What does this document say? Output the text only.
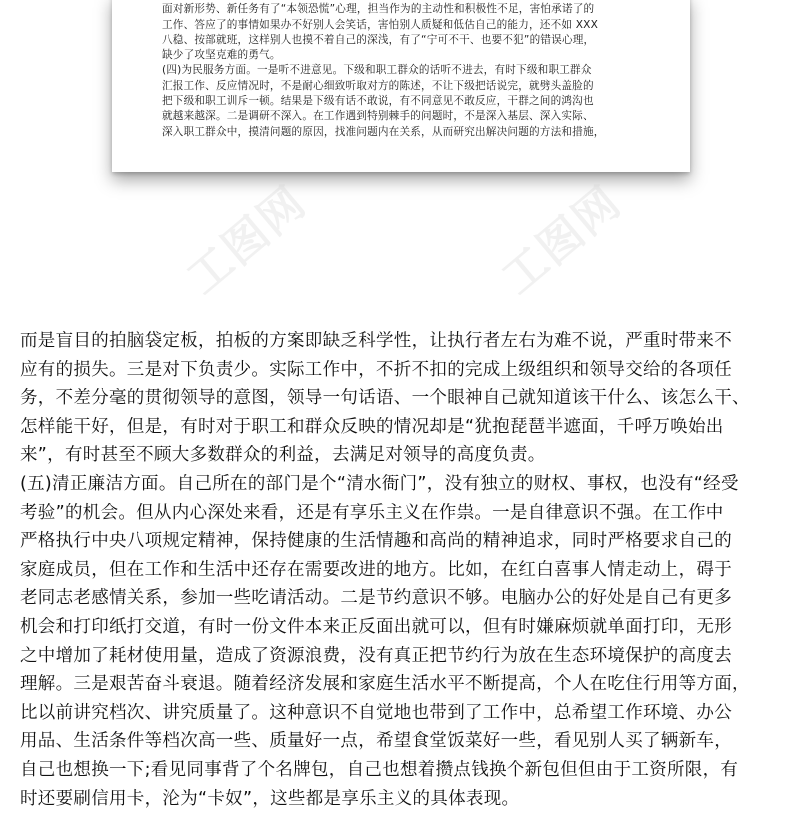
面对新形势、新任务有了“本领恐慌”心理，担当作为的主动性和积极性不足，害怕承诺了的

工作、答应了的事情如果办不好别人会笑话，害怕别人质疑和低估自己的能力，还不如 XXX

八稳、按部就班，这样别人也摸不着自己的深浅，有了“宁可不干、也要不犯”的错误心理，

缺少了攻坚克难的勇气。

(四)为民服务方面。一是听不进意见。下级和职工群众的话听不进去，有时下级和职工群众

汇报工作、反应情况时，不是耐心细致听取对方的陈述，不让下级把话说完，就劈头盖脸的

把下级和职工训斥一顿。结果是下级有话不敢说，有不同意见不敢反应，干群之间的鸿沟也

就越来越深。二是调研不深入。在工作遇到特别棘手的问题时，不是深入基层、深入实际、

深入职工群众中，摸清问题的原因，找准问题内在关系，从而研究出解决问题的方法和措施，

工图网	工图网

而是盲目的拍脑袋定板，拍板的方案即缺乏科学性，让执行者左右为难不说，严重时带来不

应有的损失。三是对下负责少。实际工作中，不折不扣的完成上级组织和领导交给的各项任

务，不差分毫的贯彻领导的意图，领导一句话语、一个眼神自己就知道该干什么、该怎么干、

怎样能干好，但是，有时对于职工和群众反映的情况却是“犹抱琵琶半遮面，千呼万唤始出

来”，有时甚至不顾大多数群众的利益，去满足对领导的高度负责。

(五)清正廉洁方面。自己所在的部门是个“清水衙门”，没有独立的财权、事权，也没有“经受

考验”的机会。但从内心深处来看，还是有享乐主义在作祟。一是自律意识不强。在工作中

严格执行中央八项规定精神，保持健康的生活情趣和高尚的精神追求，同时严格要求自己的

家庭成员，但在工作和生活中还存在需要改进的地方。比如，在红白喜事人情走动上，碍于

老同志老感情关系，参加一些吃请活动。二是节约意识不够。电脑办公的好处是自己有更多

机会和打印纸打交道，有时一份文件本来正反面出就可以，但有时嫌麻烦就单面打印，无形

之中增加了耗材使用量，造成了资源浪费，没有真正把节约行为放在生态环境保护的高度去

理解。三是艰苦奋斗衰退。随着经济发展和家庭生活水平不断提高，个人在吃住行用等方面，

比以前讲究档次、讲究质量了。这种意识不自觉地也带到了工作中，总希望工作环境、办公

用品、生活条件等档次高一些、质量好一点，希望食堂饭菜好一些，看见别人买了辆新车，

自己也想换一下;看见同事背了个名牌包，自己也想着攒点钱换个新包但但由于工资所限，有

时还要刷信用卡，沦为“卡奴”，这些都是享乐主义的具体表现。
